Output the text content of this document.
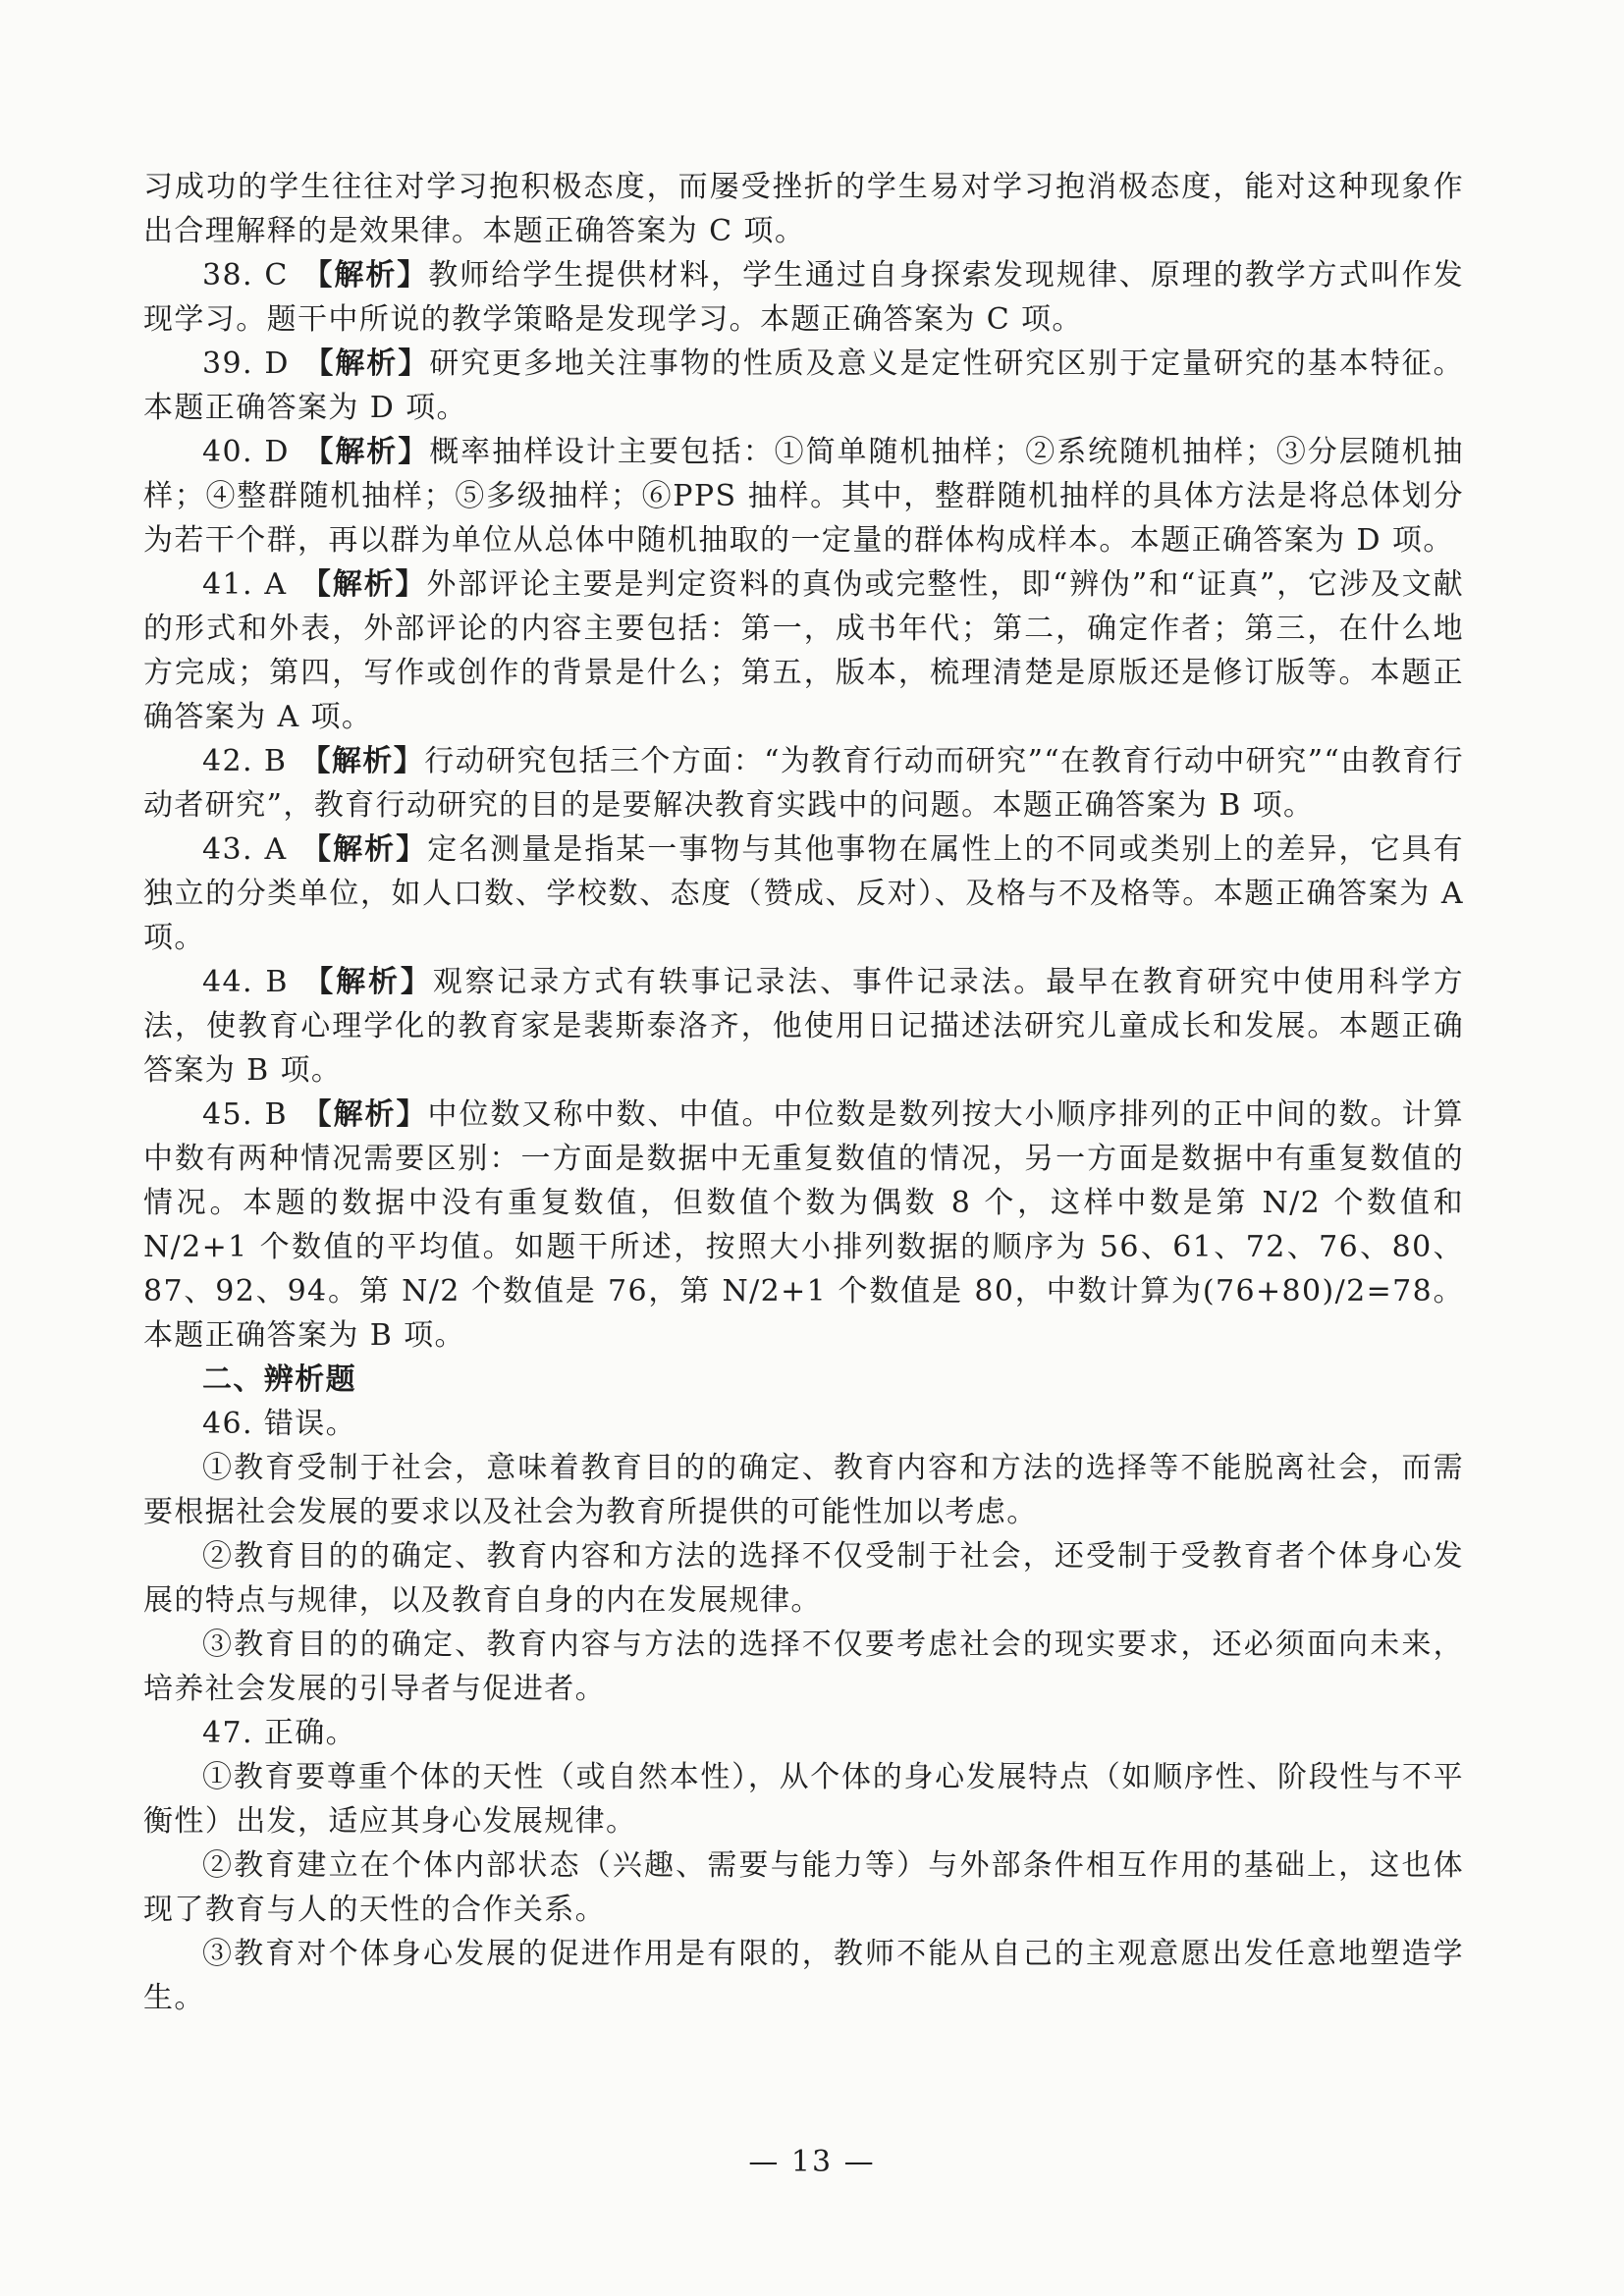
习成功的学生往往对学习抱积极态度，而屡受挫折的学生易对学习抱消极态度，能对这种现象作出合理解释的是效果律。本题正确答案为 C 项。

38. C 【解析】教师给学生提供材料，学生通过自身探索发现规律、原理的教学方式叫作发现学习。题干中所说的教学策略是发现学习。本题正确答案为 C 项。

39. D 【解析】研究更多地关注事物的性质及意义是定性研究区别于定量研究的基本特征。本题正确答案为 D 项。

40. D 【解析】概率抽样设计主要包括：①简单随机抽样；②系统随机抽样；③分层随机抽样；④整群随机抽样；⑤多级抽样；⑥PPS 抽样。其中，整群随机抽样的具体方法是将总体划分为若干个群，再以群为单位从总体中随机抽取的一定量的群体构成样本。本题正确答案为 D 项。

41. A 【解析】外部评论主要是判定资料的真伪或完整性，即“辨伪”和“证真”，它涉及文献的形式和外表，外部评论的内容主要包括：第一，成书年代；第二，确定作者；第三，在什么地方完成；第四，写作或创作的背景是什么；第五，版本，梳理清楚是原版还是修订版等。本题正确答案为 A 项。

42. B 【解析】行动研究包括三个方面：“为教育行动而研究”“在教育行动中研究”“由教育行动者研究”，教育行动研究的目的是要解决教育实践中的问题。本题正确答案为 B 项。

43. A 【解析】定名测量是指某一事物与其他事物在属性上的不同或类别上的差异，它具有独立的分类单位，如人口数、学校数、态度（赞成、反对）、及格与不及格等。本题正确答案为 A 项。

44. B 【解析】观察记录方式有轶事记录法、事件记录法。最早在教育研究中使用科学方法，使教育心理学化的教育家是裴斯泰洛齐，他使用日记描述法研究儿童成长和发展。本题正确答案为 B 项。

45. B 【解析】中位数又称中数、中值。中位数是数列按大小顺序排列的正中间的数。计算中数有两种情况需要区别：一方面是数据中无重复数值的情况，另一方面是数据中有重复数值的情况。本题的数据中没有重复数值，但数值个数为偶数 8 个，这样中数是第 N/2 个数值和 N/2+1 个数值的平均值。如题干所述，按照大小排列数据的顺序为 56、61、72、76、80、87、92、94。第 N/2 个数值是 76，第 N/2+1 个数值是 80，中数计算为(76+80)/2=78。本题正确答案为 B 项。

二、辨析题

46. 错误。

①教育受制于社会，意味着教育目的的确定、教育内容和方法的选择等不能脱离社会，而需要根据社会发展的要求以及社会为教育所提供的可能性加以考虑。

②教育目的的确定、教育内容和方法的选择不仅受制于社会，还受制于受教育者个体身心发展的特点与规律，以及教育自身的内在发展规律。

③教育目的的确定、教育内容与方法的选择不仅要考虑社会的现实要求，还必须面向未来，培养社会发展的引导者与促进者。

47. 正确。

①教育要尊重个体的天性（或自然本性），从个体的身心发展特点（如顺序性、阶段性与不平衡性）出发，适应其身心发展规律。

②教育建立在个体内部状态（兴趣、需要与能力等）与外部条件相互作用的基础上，这也体现了教育与人的天性的合作关系。

③教育对个体身心发展的促进作用是有限的，教师不能从自己的主观意愿出发任意地塑造学生。

— 13 —
